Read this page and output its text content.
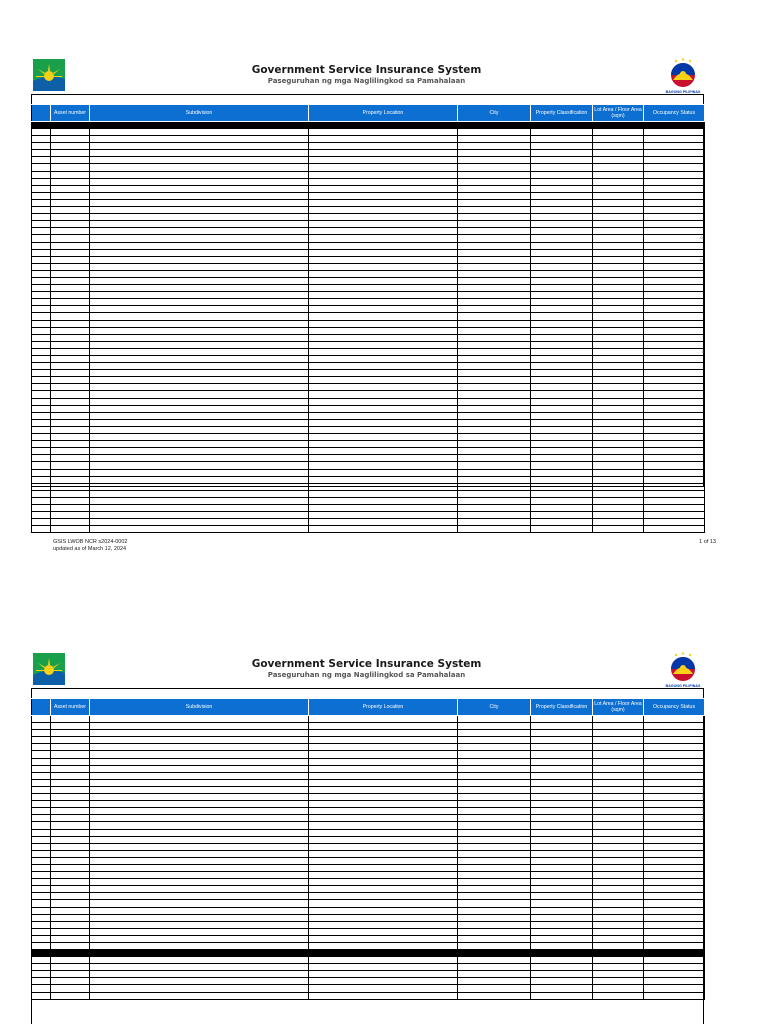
Government Service Insurance System
Paseguruhan ng mga Naglilingkod sa Pamahalaan
BAGONG PILIPINAS
	Asset number	Subdivision	Property Location	City	Property Classification	Lot Area / Floor Area (sqm)	Occupancy Status

							-0-

							-0-

							0

GSIS LWOB NCR s2024-0002
updated as of March 12, 2024
1 of 13
Government Service Insurance System
Paseguruhan ng mga Naglilingkod sa Pamahalaan
BAGONG PILIPINAS
	Asset number	Subdivision	Property Location	City	Property Classification	Lot Area / Floor Area (sqm)	Occupancy Status

							0
							0
							0
							0
							0
